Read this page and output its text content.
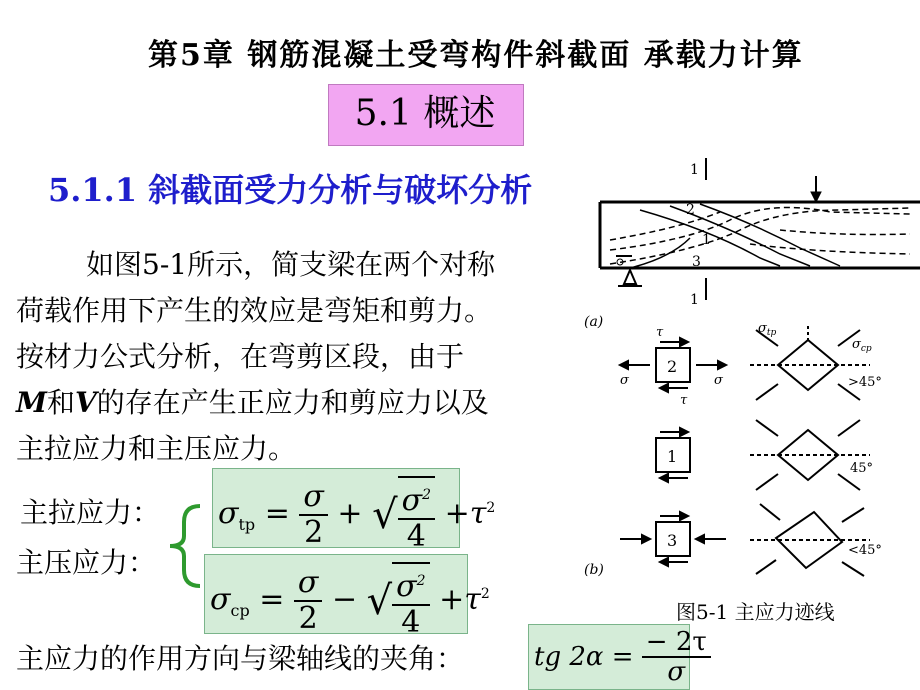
第5章 钢筋混凝土受弯构件斜截面 承载力计算
5.1 概述
5.1.1 斜截面受力分析与破坏分析
如图5-1所示，简支梁在两个对称
荷载作用下产生的效应是弯矩和剪力。
按材力公式分析，在弯剪区段，由于
M和V的存在产生正应力和剪应力以及
主拉应力和主压应力。
主拉应力：
主压应力：
$\sigma_{tp} = \frac{\sigma}{2}$ + √ $\frac{\sigma^2}{4} +\tau^2$
$\sigma_{cp} = \frac{\sigma}{2}$ − √ $\frac{\sigma^2}{4} +\tau^2$
主应力的作用方向与梁轴线的夹角：	tg $2\alpha = \frac{- 2\tau}{\sigma}$
1
2
1
3
1
(a)
2
1
3
σ	σ
τ
τ
$\sigma_{tp}$
$\sigma_{cp}$
>45°
45°
<45°
(b)
图5-1 主应力迹线
